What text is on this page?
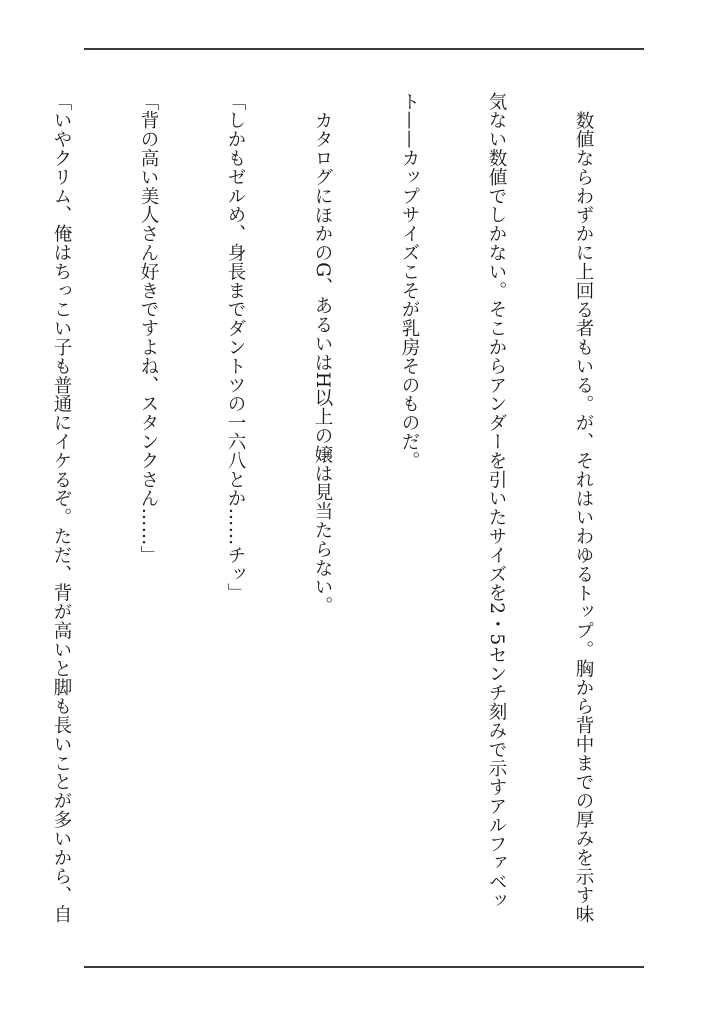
数値ならわずかに上回る者もいる。が、それはいわゆるトップ。胸から背中までの厚みを示す味

気ない数値でしかない。そこからアンダーを引いたサイズを2・5センチ刻みで示すアルファベッ

ト——カップサイズこそが乳房そのものだ。

カタログにほかのG、あるいはH以上の嬢は見当たらない。

「しかもゼルめ、身長までダントツの一六八とか……チッ」

「背の高い美人さん好きですよね、スタンクさん……」

「いやクリム、俺はちっこい子も普通にイケるぞ。ただ、背が高いと脚も長いことが多いから、自
